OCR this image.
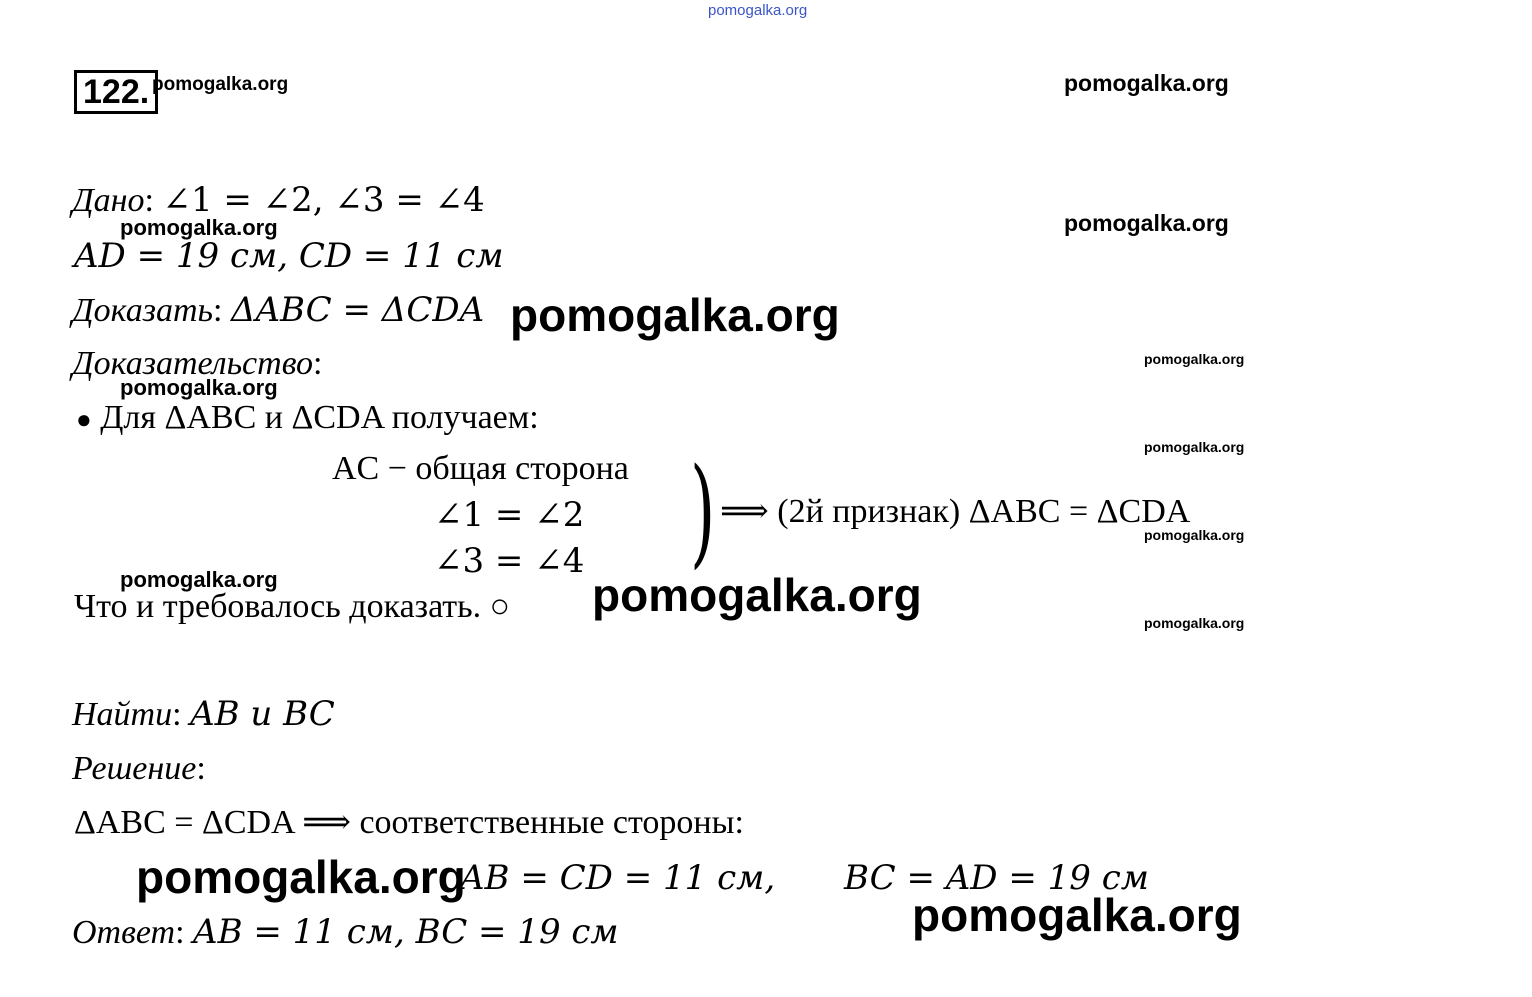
pomogalka.org
122. pomogalka.org	pomogalka.org
pomogalka.org
pomogalka.org
pomogalka.org
pomogalka.org
pomogalka.org
pomogalka.org
pomogalka.org
pomogalka.org	pomogalka.org
pomogalka.org
pomogalka.org
pomogalka.org
Дано: ∠1 = ∠2, ∠3 = ∠4
AD = 19 см, CD = 11 см
Доказать: ΔABC = ΔCDA
Доказательство:
● Для ΔABC и ΔCDA получаем:
AC − общая сторона
∠1 = ∠2
∠3 = ∠4 ) ⟹ (2й признак) ΔABC = ΔCDA
Что и требовалось доказать. ○
Найти: AB и BC
Решение:
ΔABC = ΔCDA ⟹ соответственные стороны:
AB = CD = 11 см, BC = AD = 19 см
Ответ: AB = 11 см, BC = 19 см
